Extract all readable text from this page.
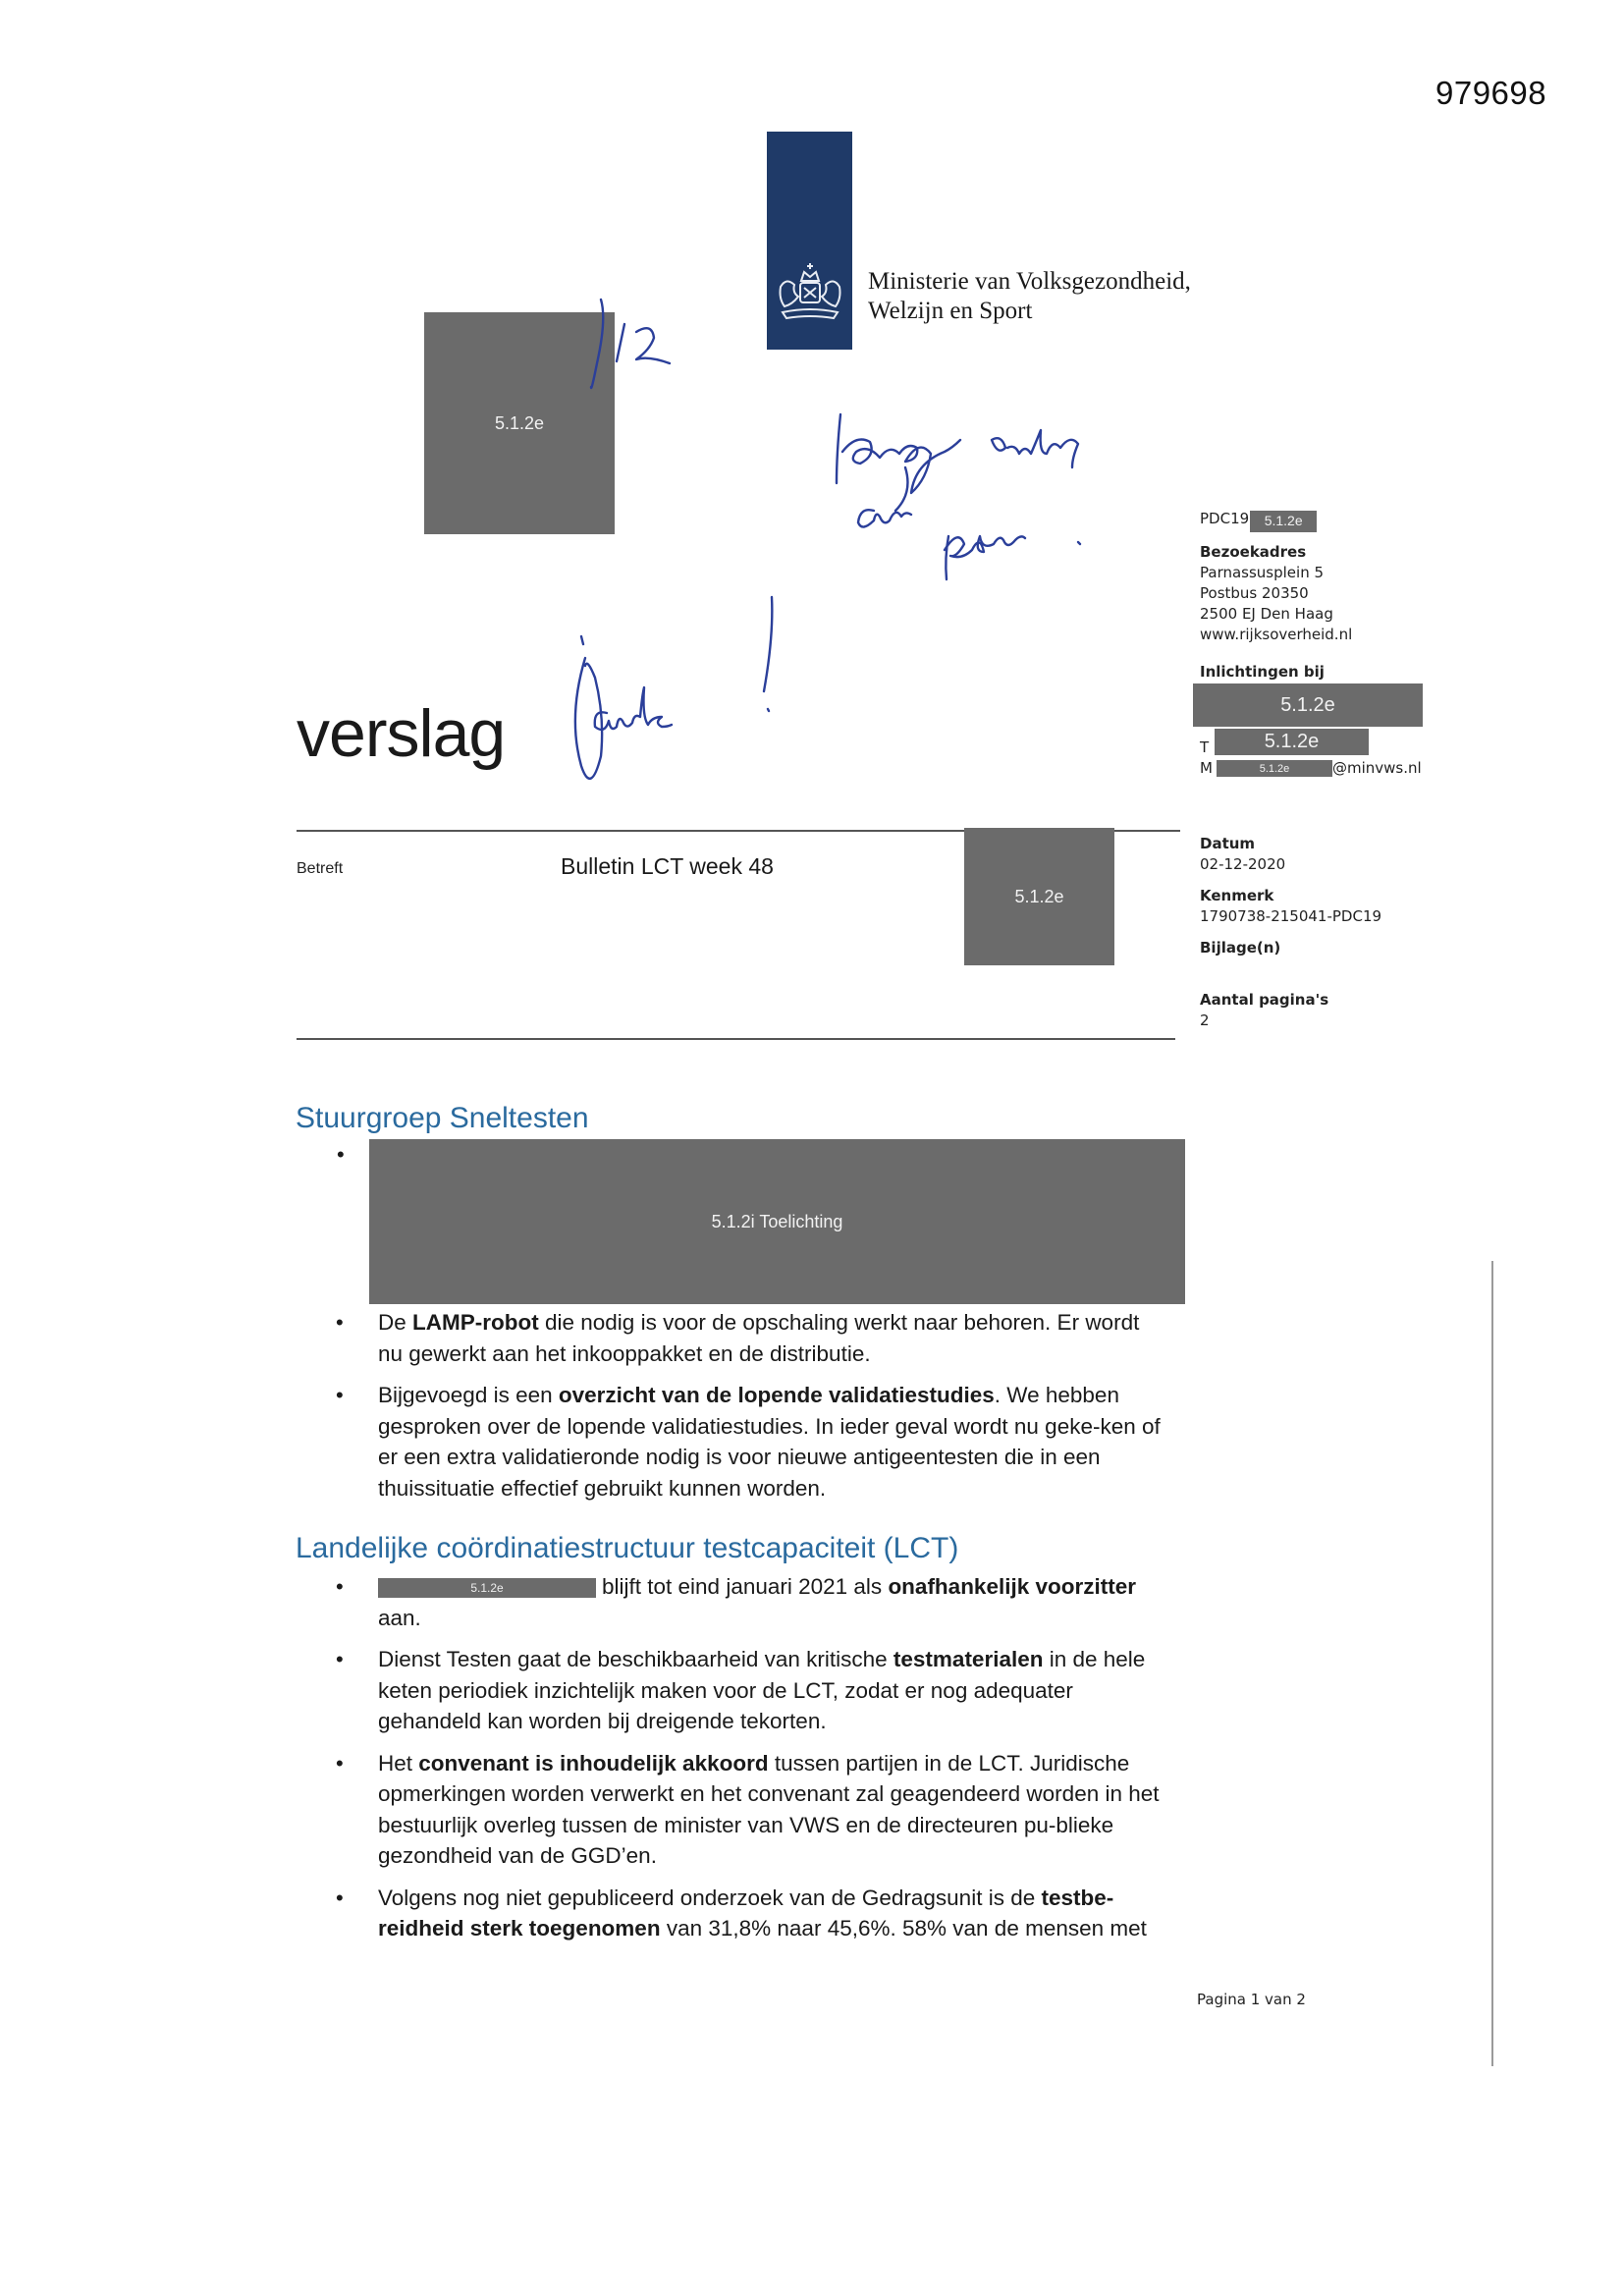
979698
Ministerie van Volksgezondheid,
Welzijn en Sport
5.1.2e
PDC19 5.1.2e
Bezoekadres
Parnassusplein 5
Postbus 20350
2500 EJ Den Haag
www.rijksoverheid.nl
Inlichtingen bij
5.1.2e
T	5.1.2e
M	5.1.2e	@minvws.nl
Datum
02-12-2020
Kenmerk
1790738-215041-PDC19
Bijlage(n)
Aantal pagina's
2
verslag
Betreft	Bulletin LCT week 48
5.1.2e
Stuurgroep Sneltesten
•
5.1.2i Toelichting
• De LAMP-robot die nodig is voor de opschaling werkt naar behoren. Er wordt nu gewerkt aan het inkooppakket en de distributie.
• Bijgevoegd is een overzicht van de lopende validatiestudies. We hebben gesproken over de lopende validatiestudies. In ieder geval wordt nu geke-ken of er een extra validatieronde nodig is voor nieuwe antigeentesten die in een thuissituatie effectief gebruikt kunnen worden.
Landelijke coördinatiestructuur testcapaciteit (LCT)
•	5.1.2e	blijft tot eind januari 2021 als onafhankelijk voorzitter aan.
• Dienst Testen gaat de beschikbaarheid van kritische testmaterialen in de hele keten periodiek inzichtelijk maken voor de LCT, zodat er nog adequater gehandeld kan worden bij dreigende tekorten.
• Het convenant is inhoudelijk akkoord tussen partijen in de LCT. Juridische opmerkingen worden verwerkt en het convenant zal geagendeerd worden in het bestuurlijk overleg tussen de minister van VWS en de directeuren pu-blieke gezondheid van de GGD’en.
• Volgens nog niet gepubliceerd onderzoek van de Gedragsunit is de testbe-reidheid sterk toegenomen van 31,8% naar 45,6%. 58% van de mensen met
Pagina 1 van 2
